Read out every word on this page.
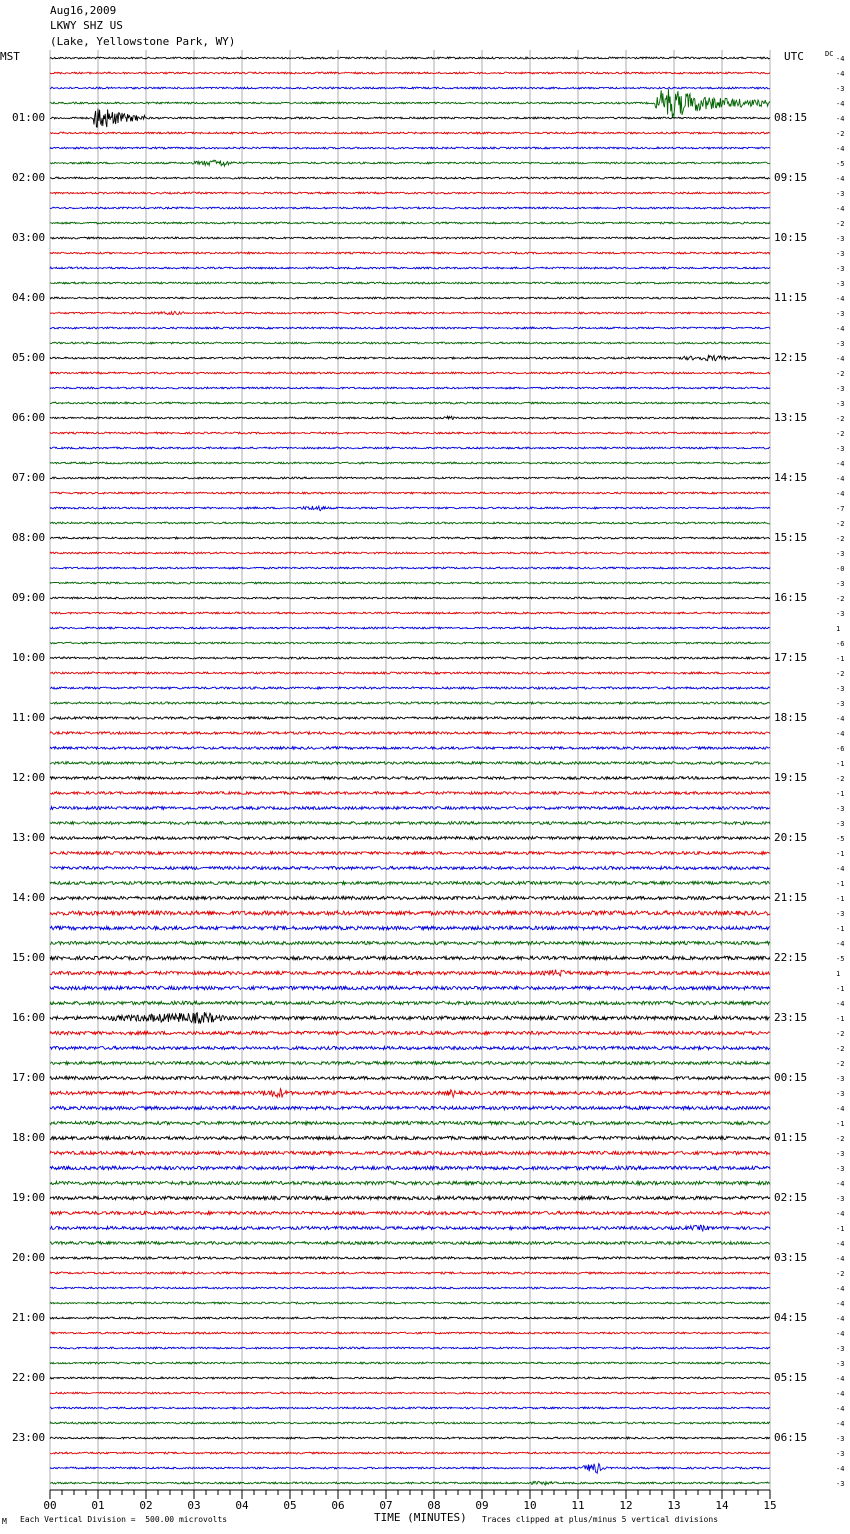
00	01	02	03	04	05	06	07	08	09	10	11	12	13	14	15
Aug16,2009
LKWY SHZ US
(Lake, Yellowstone Park, WY)
MST	UTC	DC
-4
-4
-3
-4
-4
-2
-4
-5
-4
-3
-4
-2
-3
-3
-3
-3
-4
-3
-4
-3
-4
-2
-3
-3
-2
-2
-3
-4
-4
-4
-7
-2
-2
-3
-0
-3
-2
-3
1
-6
-1
-2
-3
-3
-4
-4
-6
-1
-2
-1
-3
-3
-5
-1
-4
-1
-1
-3
-1
-4
-5
1
-1
-4
-1
-2
-2
-2
-3
-3
-4
-1
-2
-3
-3
-4
-3
-4
-1
-4
-4
-2
-4
-4
-4
-4
-3
-3
-4
-4
-4
-4
-3
-3
-4
-3
01:00	08:15
02:00	09:15
03:00	10:15
04:00	11:15
05:00	12:15
06:00	13:15
07:00	14:15
08:00	15:15
09:00	16:15
10:00	17:15
11:00	18:15
12:00	19:15
13:00	20:15
14:00	21:15
15:00	22:15
16:00	23:15
17:00	00:15
18:00	01:15
19:00	02:15
20:00	03:15
21:00	04:15
22:00	05:15
23:00	06:15
TIME (MINUTES)
M Each Vertical Division =  500.00 microvolts	Traces clipped at plus/minus 5 vertical divisions
